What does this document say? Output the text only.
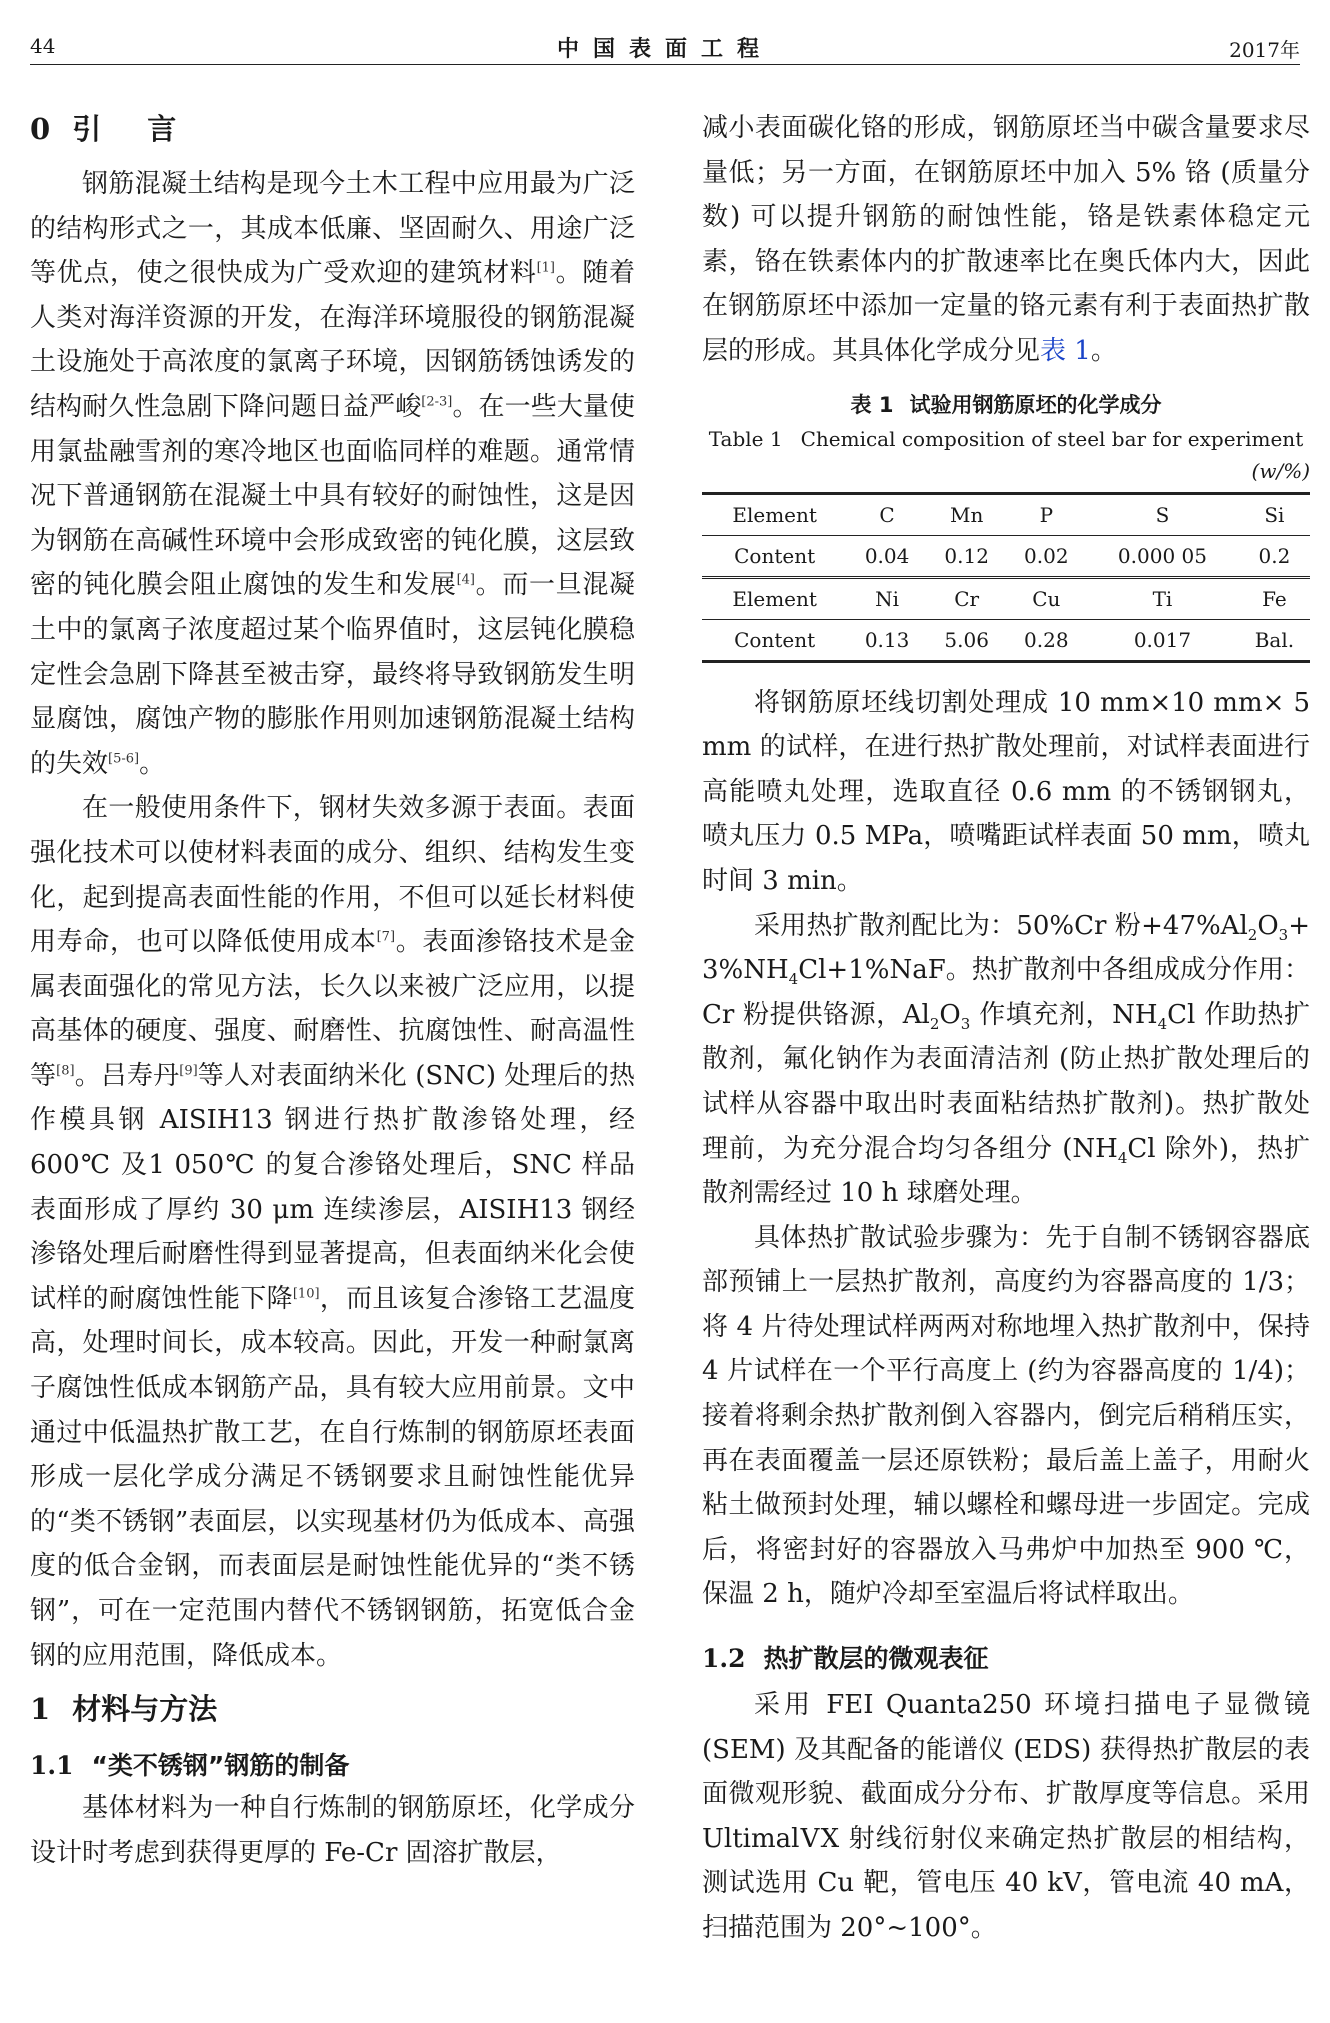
44	中国表面工程	2017年
0 引 言

钢筋混凝土结构是现今土木工程中应用最为广泛的结构形式之一，其成本低廉、坚固耐久、用途广泛等优点，使之很快成为广受欢迎的建筑材料[1]。随着人类对海洋资源的开发，在海洋环境服役的钢筋混凝土设施处于高浓度的氯离子环境，因钢筋锈蚀诱发的结构耐久性急剧下降问题日益严峻[2-3]。在一些大量使用氯盐融雪剂的寒冷地区也面临同样的难题。通常情况下普通钢筋在混凝土中具有较好的耐蚀性，这是因为钢筋在高碱性环境中会形成致密的钝化膜，这层致密的钝化膜会阻止腐蚀的发生和发展[4]。而一旦混凝土中的氯离子浓度超过某个临界值时，这层钝化膜稳定性会急剧下降甚至被击穿，最终将导致钢筋发生明显腐蚀，腐蚀产物的膨胀作用则加速钢筋混凝土结构的失效[5-6]。

在一般使用条件下，钢材失效多源于表面。表面强化技术可以使材料表面的成分、组织、结构发生变化，起到提高表面性能的作用，不但可以延长材料使用寿命，也可以降低使用成本[7]。表面渗铬技术是金属表面强化的常见方法，长久以来被广泛应用，以提高基体的硬度、强度、耐磨性、抗腐蚀性、耐高温性等[8]。吕寿丹[9]等人对表面纳米化 (SNC) 处理后的热作模具钢 AISIH13 钢进行热扩散渗铬处理，经 600℃ 及1 050℃ 的复合渗铬处理后，SNC 样品表面形成了厚约 30 μm 连续渗层，AISIH13 钢经渗铬处理后耐磨性得到显著提高，但表面纳米化会使试样的耐腐蚀性能下降[10]，而且该复合渗铬工艺温度高，处理时间长，成本较高。因此，开发一种耐氯离子腐蚀性低成本钢筋产品，具有较大应用前景。文中通过中低温热扩散工艺，在自行炼制的钢筋原坯表面形成一层化学成分满足不锈钢要求且耐蚀性能优异的“类不锈钢”表面层，以实现基材仍为低成本、高强度的低合金钢，而表面层是耐蚀性能优异的“类不锈钢”，可在一定范围内替代不锈钢钢筋，拓宽低合金钢的应用范围，降低成本。

1 材料与方法
1.1 “类不锈钢”钢筋的制备

基体材料为一种自行炼制的钢筋原坯，化学成分设计时考虑到获得更厚的 Fe-Cr 固溶扩散层，

减小表面碳化铬的形成，钢筋原坯当中碳含量要求尽量低；另一方面，在钢筋原坯中加入 5% 铬 (质量分数) 可以提升钢筋的耐蚀性能，铬是铁素体稳定元素，铬在铁素体内的扩散速率比在奥氏体内大，因此在钢筋原坯中添加一定量的铬元素有利于表面热扩散层的形成。其具体化学成分见表 1。

表 1 试验用钢筋原坯的化学成分
Table 1 Chemical composition of steel bar for experiment
(w/%)
Element	C	Mn	P	S	Si
Content	0.04	0.12	0.02	0.000 05	0.2
Element	Ni	Cr	Cu	Ti	Fe
Content	0.13	5.06	0.28	0.017	Bal.

将钢筋原坯线切割处理成 10 mm×10 mm× 5 mm 的试样，在进行热扩散处理前，对试样表面进行高能喷丸处理，选取直径 0.6 mm 的不锈钢钢丸，喷丸压力 0.5 MPa，喷嘴距试样表面 50 mm，喷丸时间 3 min。

采用热扩散剂配比为：50%Cr 粉$+47\%Al_2O_3+ 3\%NH_4Cl+1\%NaF$。热扩散剂中各组成成分作用：Cr 粉提供铬源，$Al_2O_3$ 作填充剂，$NH_4Cl$ 作助热扩散剂，氟化钠作为表面清洁剂 (防止热扩散处理后的试样从容器中取出时表面粘结热扩散剂)。热扩散处理前，为充分混合均匀各组分 ($NH_4Cl$ 除外)，热扩散剂需经过 10 h 球磨处理。

具体热扩散试验步骤为：先于自制不锈钢容器底部预铺上一层热扩散剂，高度约为容器高度的 1/3；将 4 片待处理试样两两对称地埋入热扩散剂中，保持 4 片试样在一个平行高度上 (约为容器高度的 1/4)；接着将剩余热扩散剂倒入容器内，倒完后稍稍压实，再在表面覆盖一层还原铁粉；最后盖上盖子，用耐火粘土做预封处理，辅以螺栓和螺母进一步固定。完成后，将密封好的容器放入马弗炉中加热至 900 ℃，保温 2 h，随炉冷却至室温后将试样取出。

1.2 热扩散层的微观表征

采用 FEI Quanta250 环境扫描电子显微镜 (SEM) 及其配备的能谱仪 (EDS) 获得热扩散层的表面微观形貌、截面成分分布、扩散厚度等信息。采用 UltimalⅤX 射线衍射仪来确定热扩散层的相结构，测试选用 Cu 靶，管电压 40 kV，管电流 40 mA，扫描范围为 20°~100°。
